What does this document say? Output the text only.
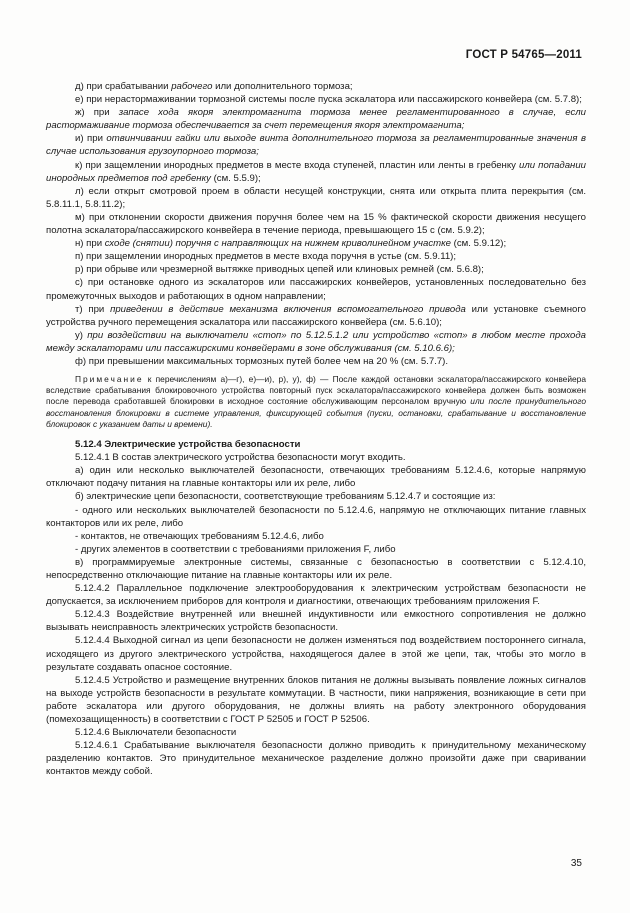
ГОСТ Р 54765—2011

д) при срабатывании рабочего или дополнительного тормоза;

е) при нерастормаживании тормозной системы после пуска эскалатора или пассажирского конвейера (см. 5.7.8);

ж) при запасе хода якоря электромагнита тормоза менее регламентированного в случае, если растормаживание тормоза обеспечивается за счет перемещения якоря электромагнита;

и) при отвинчивании гайки или выходе винта дополнительного тормоза за регламентированные значения в случае использования грузоупорного тормоза;

к) при защемлении инородных предметов в месте входа ступеней, пластин или ленты в гребенку или попадании инородных предметов под гребенку (см. 5.5.9);

л) если открыт смотровой проем в области несущей конструкции, снята или открыта плита перекрытия (см. 5.8.11.1, 5.8.11.2);

м) при отклонении скорости движения поручня более чем на 15 % фактической скорости движения несущего полотна эскалатора/пассажирского конвейера в течение периода, превышающего 15 с (см. 5.9.2);

н) при сходе (снятии) поручня с направляющих на нижнем криволинейном участке (см. 5.9.12);

п) при защемлении инородных предметов в месте входа поручня в устье (см. 5.9.11);

р) при обрыве или чрезмерной вытяжке приводных цепей или клиновых ремней (см. 5.6.8);

с) при остановке одного из эскалаторов или пассажирских конвейеров, установленных последовательно без промежуточных выходов и работающих в одном направлении;

т) при приведении в действие механизма включения вспомогательного привода или установке съемного устройства ручного перемещения эскалатора или пассажирского конвейера (см. 5.6.10);

у) при воздействии на выключатели «стоп» по 5.12.5.1.2 или устройство «стоп» в любом месте прохода между эскалаторами или пассажирскими конвейерами в зоне обслуживания (см. 5.10.6.6);

ф) при превышении максимальных тормозных путей более чем на 20 % (см. 5.7.7).

Примечание к перечислениям а)—г), е)—и), р), у), ф) — После каждой остановки эскалатора/пассажирского конвейера вследствие срабатывания блокировочного устройства повторный пуск эскалатора/пассажирского конвейера должен быть возможен после перевода сработавшей блокировки в исходное состояние обслуживающим персоналом вручную или после принудительного восстановления блокировки в системе управления, фиксирующей события (пуски, остановки, срабатывание и восстановление блокировок с указанием даты и времени).

5.12.4 Электрические устройства безопасности

5.12.4.1 В состав электрического устройства безопасности могут входить.

а) один или несколько выключателей безопасности, отвечающих требованиям 5.12.4.6, которые напрямую отключают подачу питания на главные контакторы или их реле, либо

б) электрические цепи безопасности, соответствующие требованиям 5.12.4.7 и состоящие из:

- одного или нескольких выключателей безопасности по 5.12.4.6, напрямую не отключающих питание главных контакторов или их реле, либо

- контактов, не отвечающих требованиям 5.12.4.6, либо

- других элементов в соответствии с требованиями приложения F, либо

в) программируемые электронные системы, связанные с безопасностью в соответствии с 5.12.4.10, непосредственно отключающие питание на главные контакторы или их реле.

5.12.4.2 Параллельное подключение электрооборудования к электрическим устройствам безопасности не допускается, за исключением приборов для контроля и диагностики, отвечающих требованиям приложения F.

5.12.4.3 Воздействие внутренней или внешней индуктивности или емкостного сопротивления не должно вызывать неисправность электрических устройств безопасности.

5.12.4.4 Выходной сигнал из цепи безопасности не должен изменяться под воздействием постороннего сигнала, исходящего из другого электрического устройства, находящегося далее в этой же цепи, так, чтобы это могло в результате создавать опасное состояние.

5.12.4.5 Устройство и размещение внутренних блоков питания не должны вызывать появление ложных сигналов на выходе устройств безопасности в результате коммутации. В частности, пики напряжения, возникающие в сети при работе эскалатора или другого оборудования, не должны влиять на работу электронного оборудования (помехозащищенность) в соответствии с ГОСТ Р 52505 и ГОСТ Р 52506.

5.12.4.6 Выключатели безопасности

5.12.4.6.1 Срабатывание выключателя безопасности должно приводить к принудительному механическому разделению контактов. Это принудительное механическое разделение должно произойти даже при сваривании контактов между собой.

35
